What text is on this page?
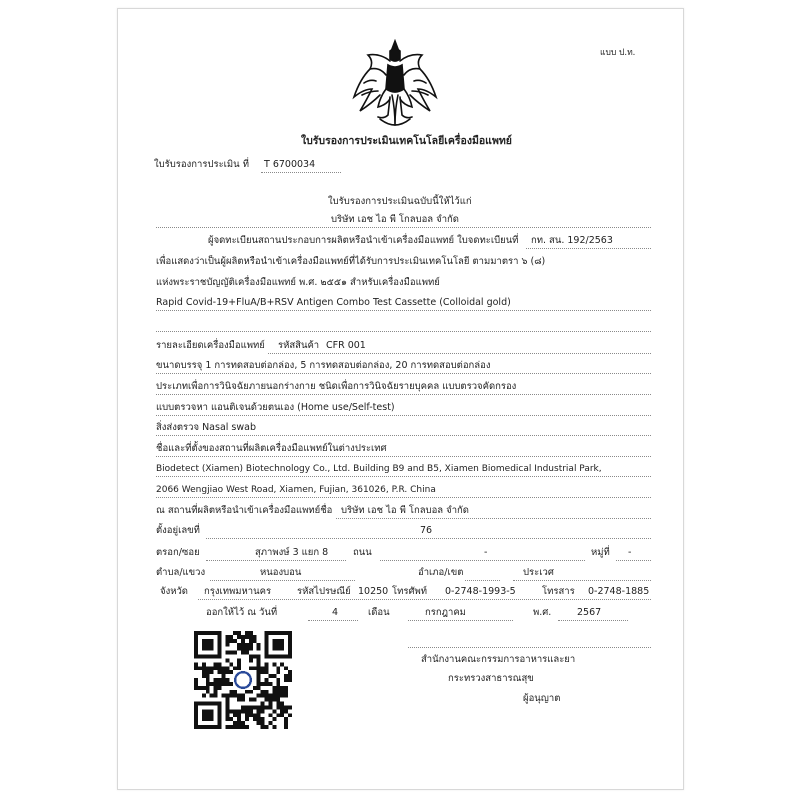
แบบ ป.ท.
ใบรับรองการประเมินเทคโนโลยีเครื่องมือแพทย์
ใบรับรองการประเมิน ที่ T 6700034
ใบรับรองการประเมินฉบับนี้ให้ไว้แก่
บริษัท เอช ไอ พี โกลบอล จำกัด
ผู้จดทะเบียนสถานประกอบการผลิตหรือนำเข้าเครื่องมือแพทย์ ใบจดทะเบียนที่ กท. สน. 192/2563
เพื่อแสดงว่าเป็นผู้ผลิตหรือนำเข้าเครื่องมือแพทย์ที่ได้รับการประเมินเทคโนโลยี ตามมาตรา ๖ (๘)
แห่งพระราชบัญญัติเครื่องมือแพทย์ พ.ศ. ๒๕๕๑ สำหรับเครื่องมือแพทย์
Rapid Covid-19+FluA/B+RSV Antigen Combo Test Cassette (Colloidal gold)
รายละเอียดเครื่องมือแพทย์ รหัสสินค้า CFR 001
ขนาดบรรจุ 1 การทดสอบต่อกล่อง, 5 การทดสอบต่อกล่อง, 20 การทดสอบต่อกล่อง
ประเภทเพื่อการวินิจฉัยภายนอกร่างกาย ชนิดเพื่อการวินิจฉัยรายบุคคล แบบตรวจคัดกรอง
แบบตรวจหา แอนติเจนด้วยตนเอง (Home use/Self-test)
สิ่งส่งตรวจ Nasal swab
ชื่อและที่ตั้งของสถานที่ผลิตเครื่องมือแพทย์ในต่างประเทศ
Biodetect (Xiamen) Biotechnology Co., Ltd. Building B9 and B5, Xiamen Biomedical Industrial Park,
2066 Wengjiao West Road, Xiamen, Fujian, 361026, P.R. China
ณ สถานที่ผลิตหรือนำเข้าเครื่องมือแพทย์ชื่อ บริษัท เอช ไอ พี โกลบอล จำกัด
ตั้งอยู่เลขที่	76
ตรอก/ซอย	สุภาพงษ์ 3 แยก 8	ถนน	-	หมู่ที่ -
ตำบล/แขวง	หนองบอน	อำเภอ/เขต	ประเวศ
จังหวัด กรุงเทพมหานคร	รหัสไปรษณีย์ 10250 โทรศัพท์ 0-2748-1993-5	โทรสาร 0-2748-1885
ออกให้ไว้ ณ วันที่	4	เดือน	กรกฎาคม	พ.ศ.	2567
สำนักงานคณะกรรมการอาหารและยา
กระทรวงสาธารณสุข
ผู้อนุญาต
